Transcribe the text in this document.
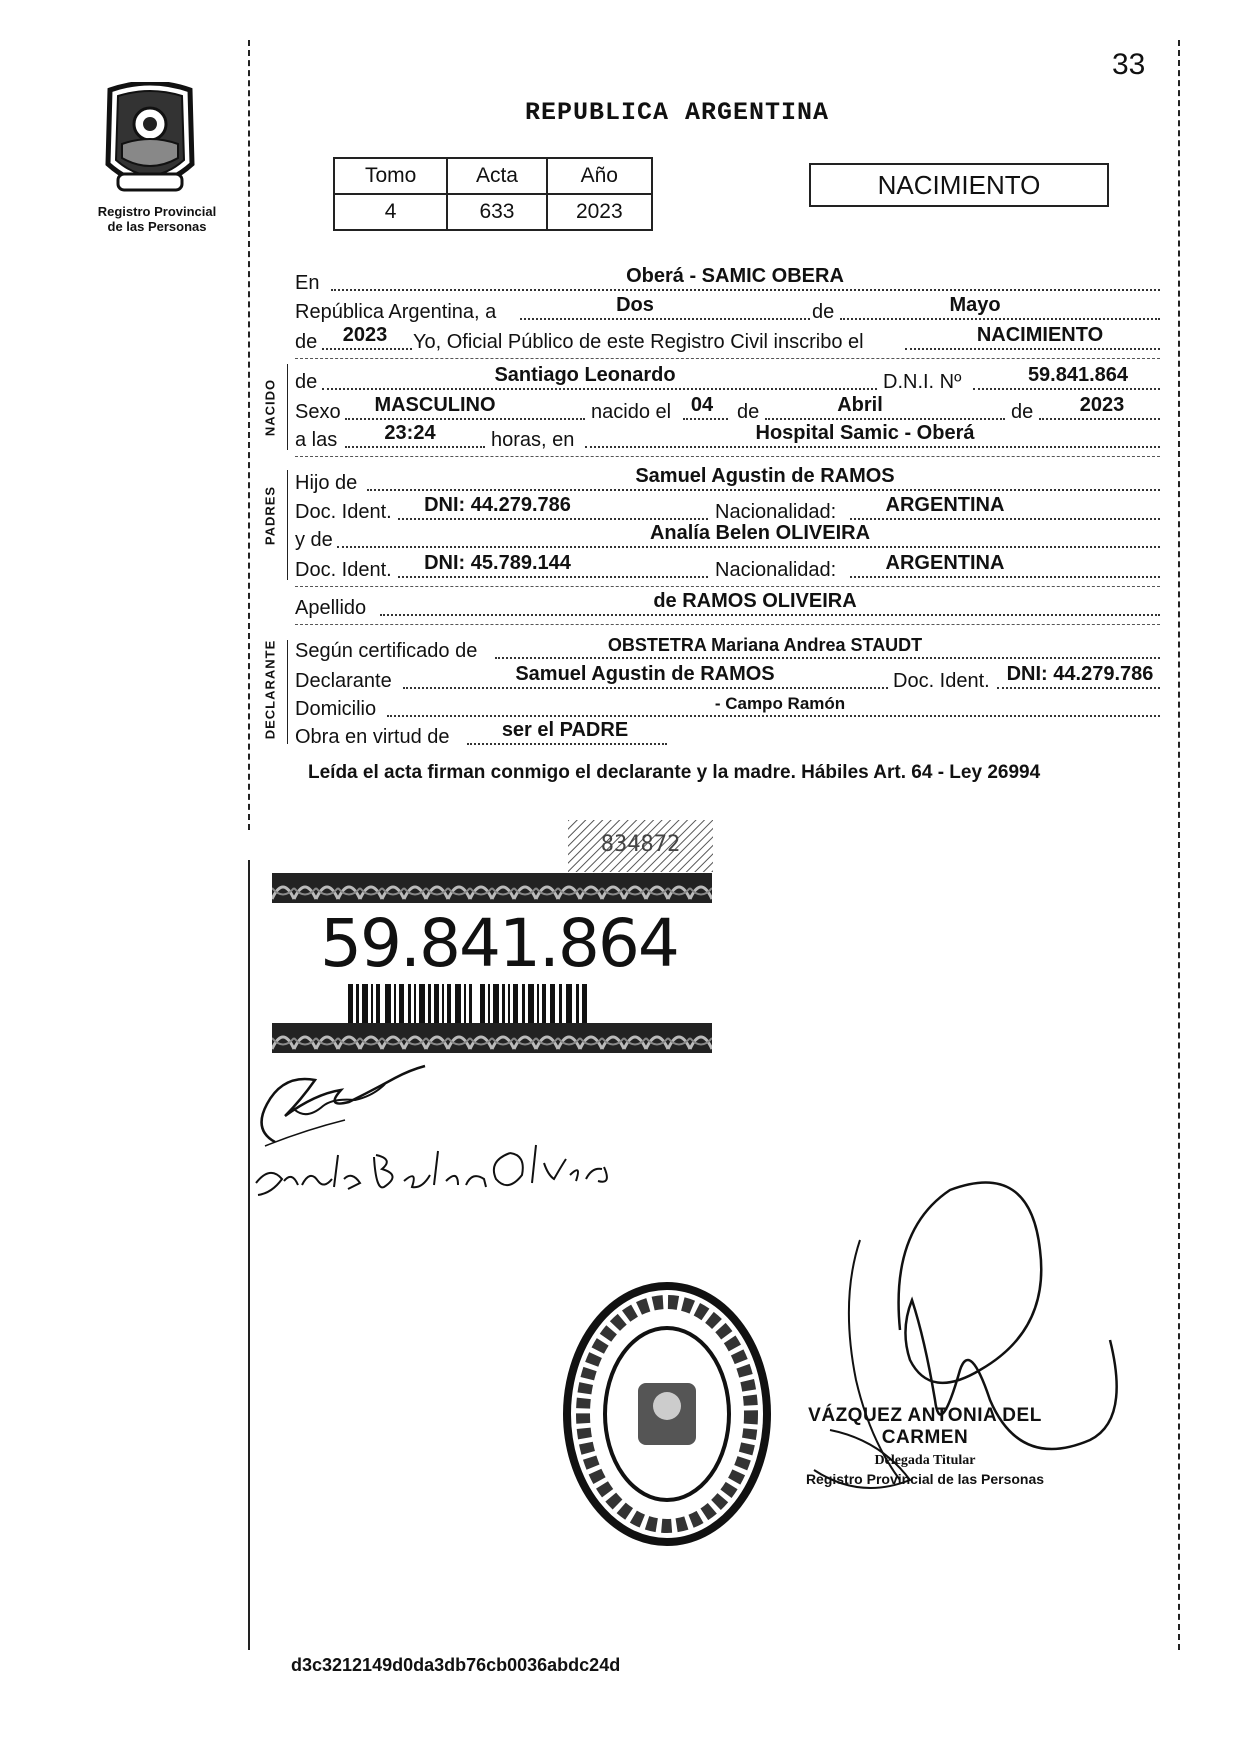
33
Registro Provincial
de las Personas
REPUBLICA ARGENTINA
Tomo	Acta	Año
4	633	2023
NACIMIENTO
NACIDO
PADRES
DECLARANTE
En	Oberá - SAMIC OBERA
República Argentina, a	Dos	de	Mayo
de	2023	Yo, Oficial Público de este Registro Civil inscribo el	NACIMIENTO
de	Santiago Leonardo	D.N.I. Nº	59.841.864
Sexo	MASCULINO	nacido el 04 de	Abril	de	2023
a las	23:24	horas, en	Hospital Samic - Oberá
Hijo de	Samuel Agustin de RAMOS
Doc. Ident.	DNI: 44.279.786	Nacionalidad:	ARGENTINA
y de	Analía Belen OLIVEIRA
Doc. Ident.	DNI: 45.789.144	Nacionalidad:	ARGENTINA
Apellido	de RAMOS OLIVEIRA
Según certificado de	OBSTETRA Mariana Andrea STAUDT
Declarante	Samuel Agustin de RAMOS	Doc. Ident. DNI: 44.279.786
Domicilio	- Campo Ramón
Obra en virtud de	ser el PADRE
Leída el acta firman conmigo el declarante y la madre. Hábiles Art. 64 - Ley 26994
834872
59.841.864
VÁZQUEZ ANTONIA DEL CARMEN
Delegada Titular
Registro Provincial de las Personas
d3c3212149d0da3db76cb0036abdc24d
